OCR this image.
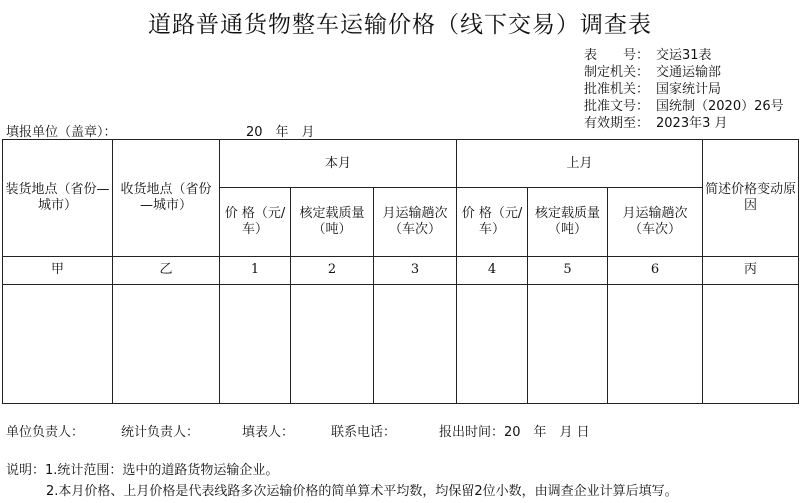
道路普通货物整车运输价格（线下交易）调查表
表　　号： 交运31表
制定机关： 交通运输部
批准机关： 国家统计局
批准文号： 国统制（2020）26号
有效期至： 2023年3 月
填报单位（盖章）：	20　年　月
装货地点（省份—城市）	收货地点（省份—城市）	本月			上月			简述价格变动原因
		价 格（元/车）	核定载质量（吨）	月运输趟次（车次）	价 格（元/车）	核定载质量（吨）	月运输趟次（车次）	
甲	乙	1	2	3	4	5	6	丙

单位负责人：	统计负责人：	填表人：	联系电话：	报出时间：20　年　月 日
说明：1.统计范围：选中的道路货物运输企业。
2.本月价格、上月价格是代表线路多次运输价格的简单算术平均数，均保留2位小数，由调查企业计算后填写。
